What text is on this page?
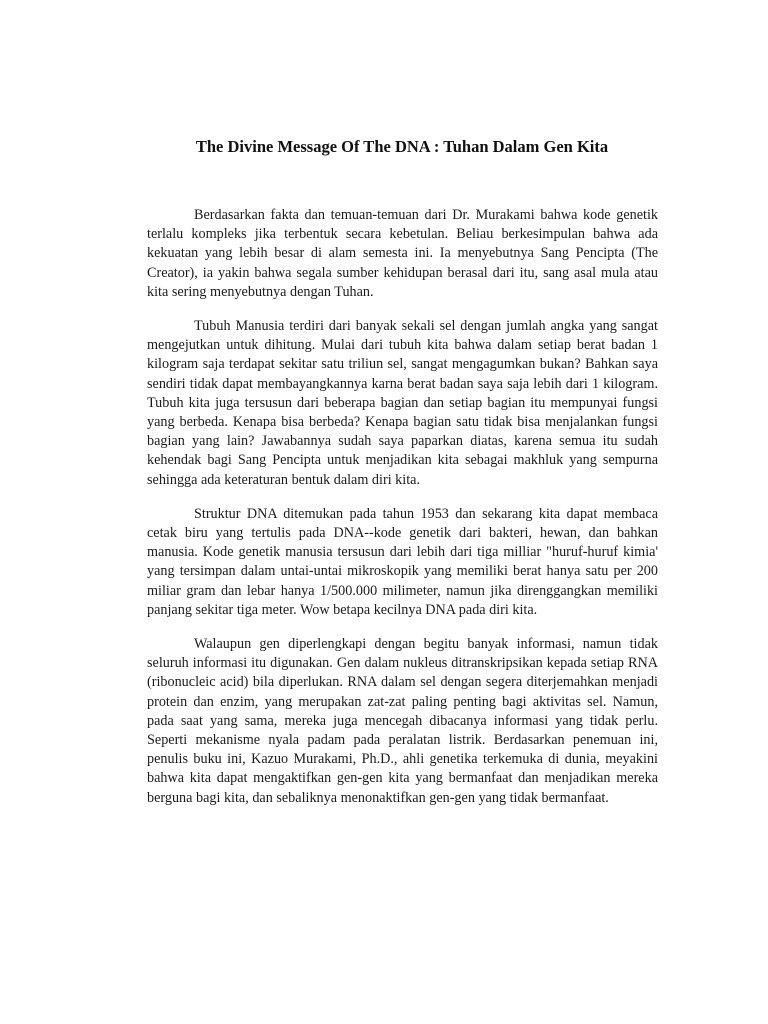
The Divine Message Of The DNA : Tuhan Dalam Gen Kita

Berdasarkan fakta dan temuan-temuan dari Dr. Murakami bahwa kode genetik terlalu kompleks jika terbentuk secara kebetulan. Beliau berkesimpulan bahwa ada kekuatan yang lebih besar di alam semesta ini. Ia menyebutnya Sang Pencipta (The Creator), ia yakin bahwa segala sumber kehidupan berasal dari itu, sang asal mula atau kita sering menyebutnya dengan Tuhan.

Tubuh Manusia terdiri dari banyak sekali sel dengan jumlah angka yang sangat mengejutkan untuk dihitung. Mulai dari tubuh kita bahwa dalam setiap berat badan 1 kilogram saja terdapat sekitar satu triliun sel, sangat mengagumkan bukan? Bahkan saya sendiri tidak dapat membayangkannya karna berat badan saya saja lebih dari 1 kilogram. Tubuh kita juga tersusun dari beberapa bagian dan setiap bagian itu mempunyai fungsi yang berbeda. Kenapa bisa berbeda? Kenapa bagian satu tidak bisa menjalankan fungsi bagian yang lain? Jawabannya sudah saya paparkan diatas, karena semua itu sudah kehendak bagi Sang Pencipta untuk menjadikan kita sebagai makhluk yang sempurna sehingga ada keteraturan bentuk dalam diri kita.

Struktur DNA ditemukan pada tahun 1953 dan sekarang kita dapat membaca cetak biru yang tertulis pada DNA--kode genetik dari bakteri, hewan, dan bahkan manusia. Kode genetik manusia tersusun dari lebih dari tiga milliar "huruf-huruf kimia' yang tersimpan dalam untai-untai mikroskopik yang memiliki berat hanya satu per 200 miliar gram dan lebar hanya 1/500.000 milimeter, namun jika direnggangkan memiliki panjang sekitar tiga meter. Wow betapa kecilnya DNA pada diri kita.

Walaupun gen diperlengkapi dengan begitu banyak informasi, namun tidak seluruh informasi itu digunakan. Gen dalam nukleus ditranskripsikan kepada setiap RNA (ribonucleic acid) bila diperlukan. RNA dalam sel dengan segera diterjemahkan menjadi protein dan enzim, yang merupakan zat-zat paling penting bagi aktivitas sel. Namun, pada saat yang sama, mereka juga mencegah dibacanya informasi yang tidak perlu. Seperti mekanisme nyala padam pada peralatan listrik. Berdasarkan penemuan ini, penulis buku ini, Kazuo Murakami, Ph.D., ahli genetika terkemuka di dunia, meyakini bahwa kita dapat mengaktifkan gen-gen kita yang bermanfaat dan menjadikan mereka berguna bagi kita, dan sebaliknya menonaktifkan gen-gen yang tidak bermanfaat.
